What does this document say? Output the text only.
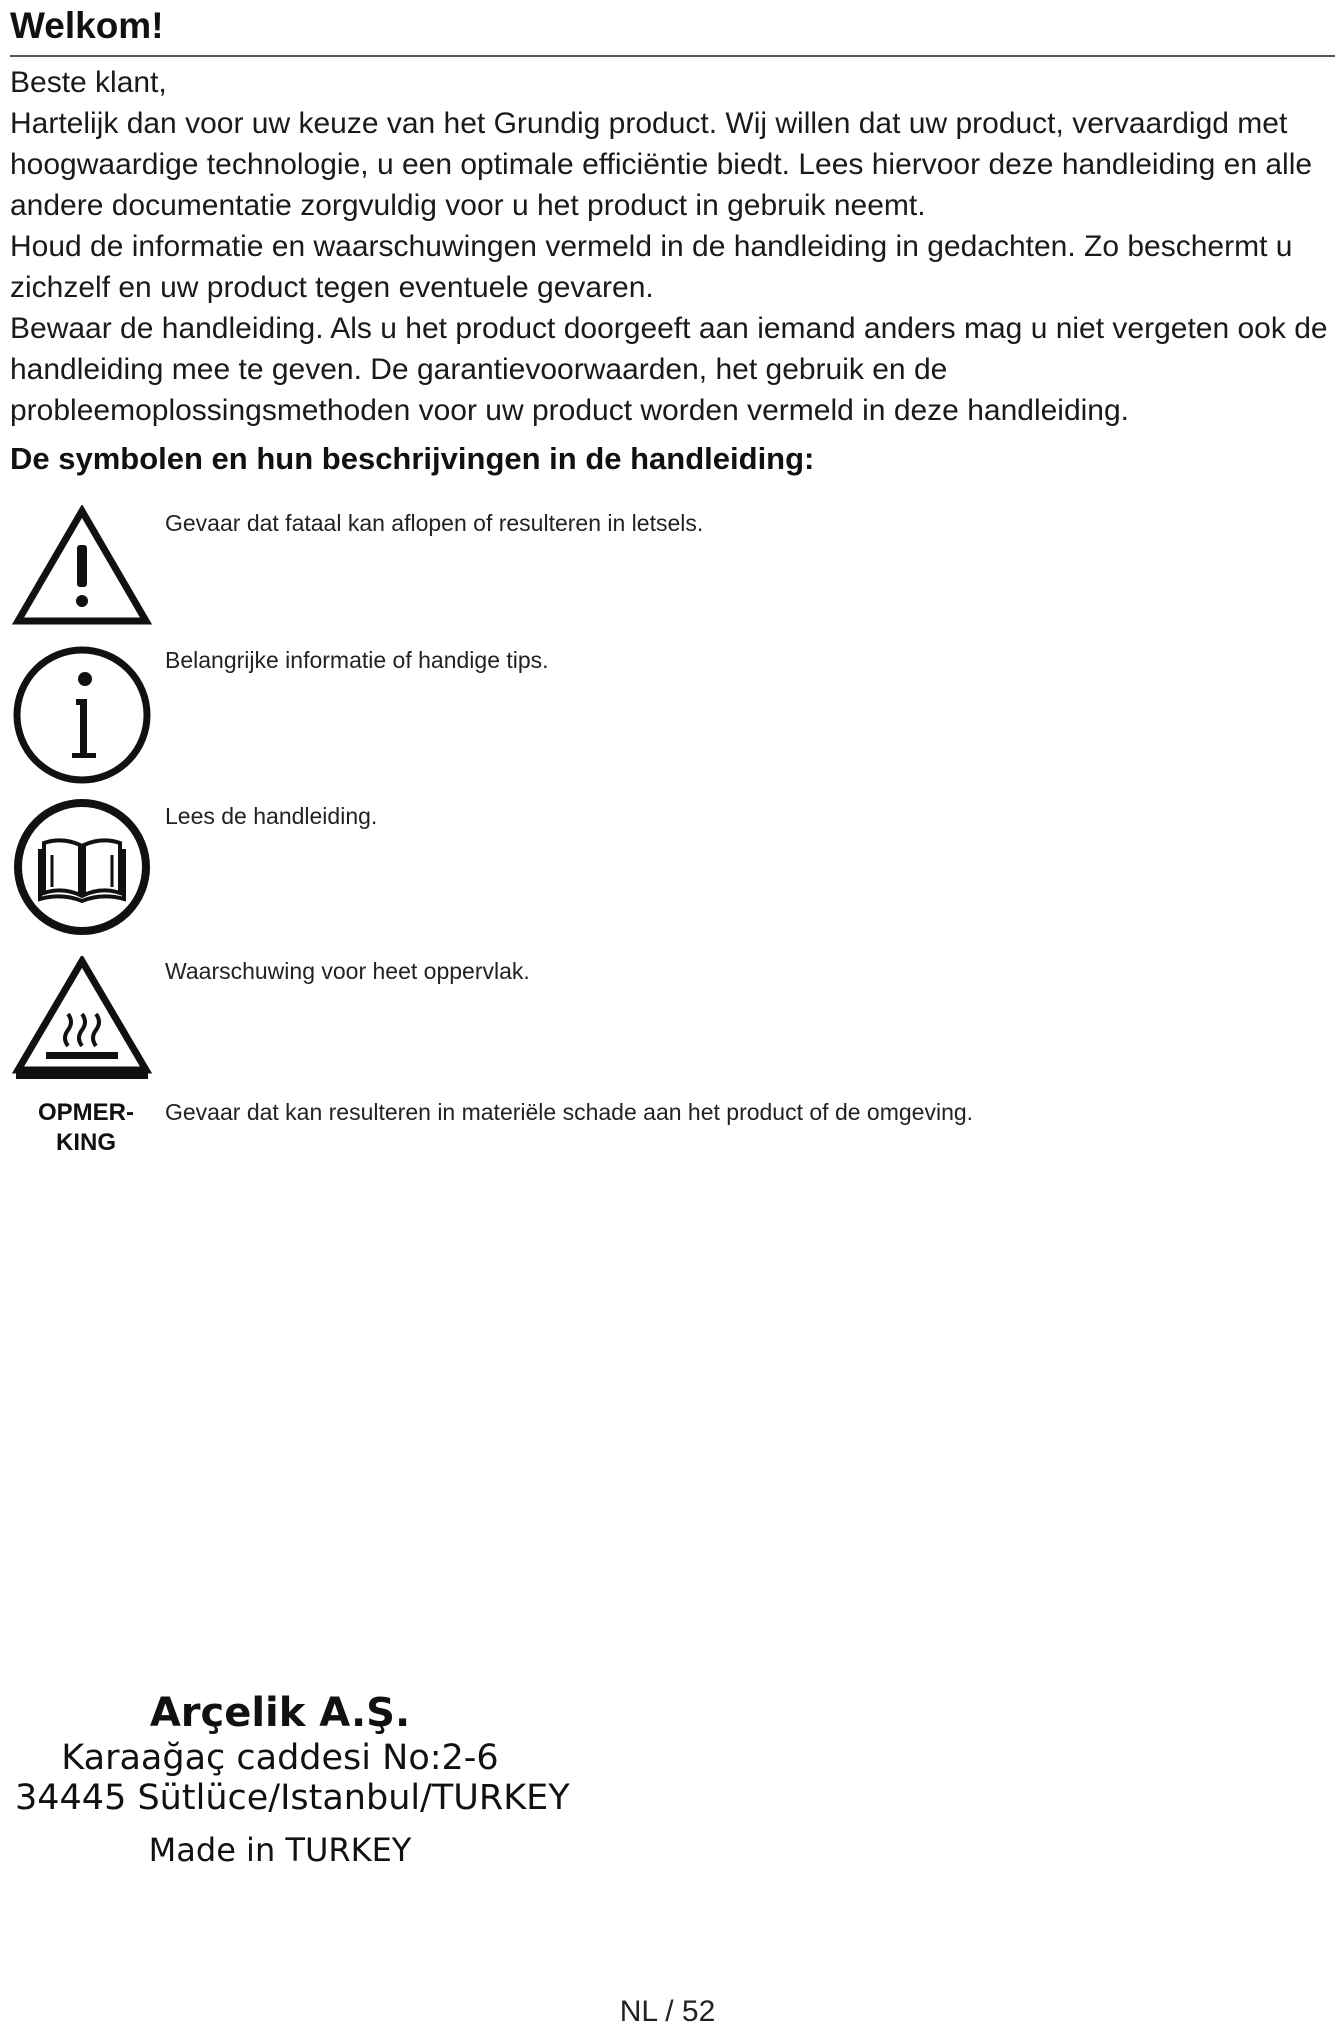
Welkom!

Beste klant,

Hartelijk dan voor uw keuze van het Grundig product. Wij willen dat uw product, vervaardigd met hoogwaardige technologie, u een optimale efficiëntie biedt. Lees hiervoor deze handleiding en alle andere documentatie zorgvuldig voor u het product in gebruik neemt.

Houd de informatie en waarschuwingen vermeld in de handleiding in gedachten. Zo beschermt u zichzelf en uw product tegen eventuele gevaren.

Bewaar de handleiding. Als u het product doorgeeft aan iemand anders mag u niet vergeten ook de handleiding mee te geven. De garantievoorwaarden, het gebruik en de probleemoplossingsmethoden voor uw product worden vermeld in deze handleiding.

De symbolen en hun beschrijvingen in de handleiding:
Gevaar dat fataal kan aflopen of resulteren in letsels.
Belangrijke informatie of handige tips.
Lees de handleiding.
Waarschuwing voor heet oppervlak.
OPMER-
KING
Gevaar dat kan resulteren in materiële schade aan het product of de omgeving.
Arçelik A.Ş.
Karaağaç caddesi No:2-6
34445 Sütlüce/Istanbul/TURKEY
Made in TURKEY
NL / 52
